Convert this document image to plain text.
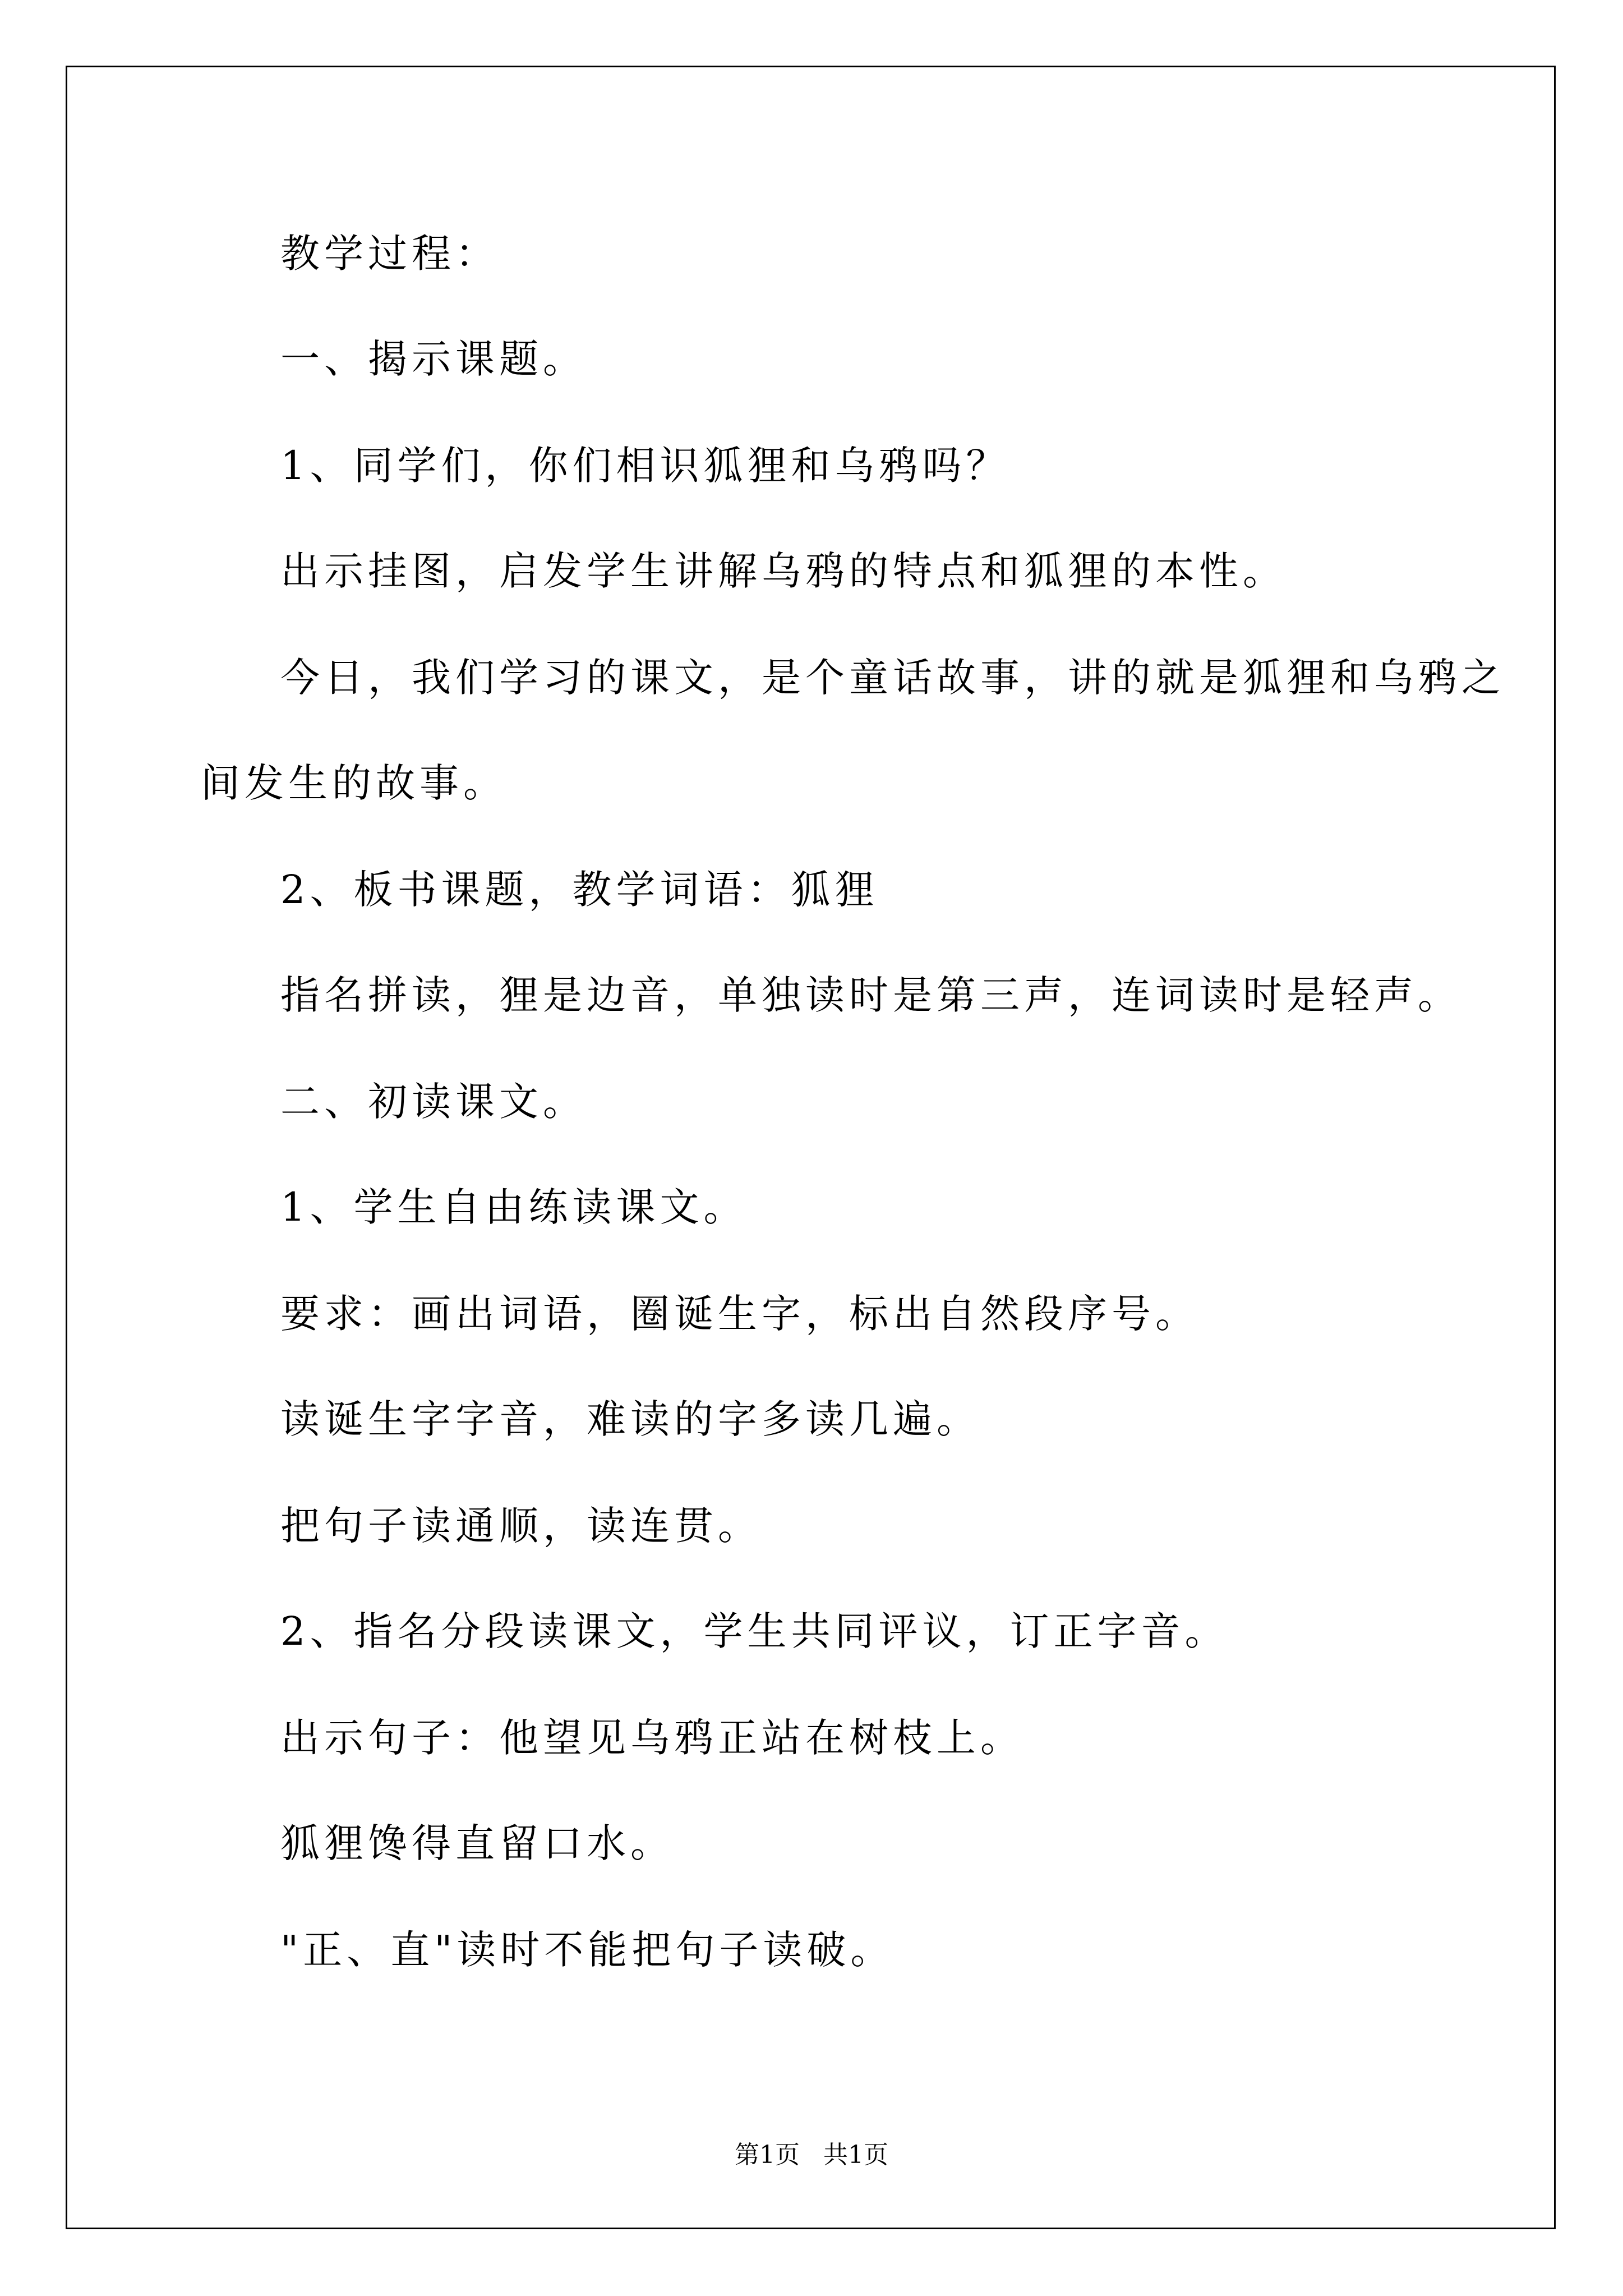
教学过程：
一、揭示课题。
1、同学们，你们相识狐狸和乌鸦吗？
出示挂图，启发学生讲解乌鸦的特点和狐狸的本性。
今日，我们学习的课文，是个童话故事，讲的就是狐狸和乌鸦之
间发生的故事。
2、板书课题，教学词语：狐狸
指名拼读，狸是边音，单独读时是第三声，连词读时是轻声。
二、初读课文。
1、学生自由练读课文。
要求：画出词语，圈诞生字，标出自然段序号。
读诞生字字音，难读的字多读几遍。
把句子读通顺，读连贯。
2、指名分段读课文，学生共同评议，订正字音。
出示句子：他望见乌鸦正站在树枝上。
狐狸馋得直留口水。
"正、直"读时不能把句子读破。
第1页   共1页
